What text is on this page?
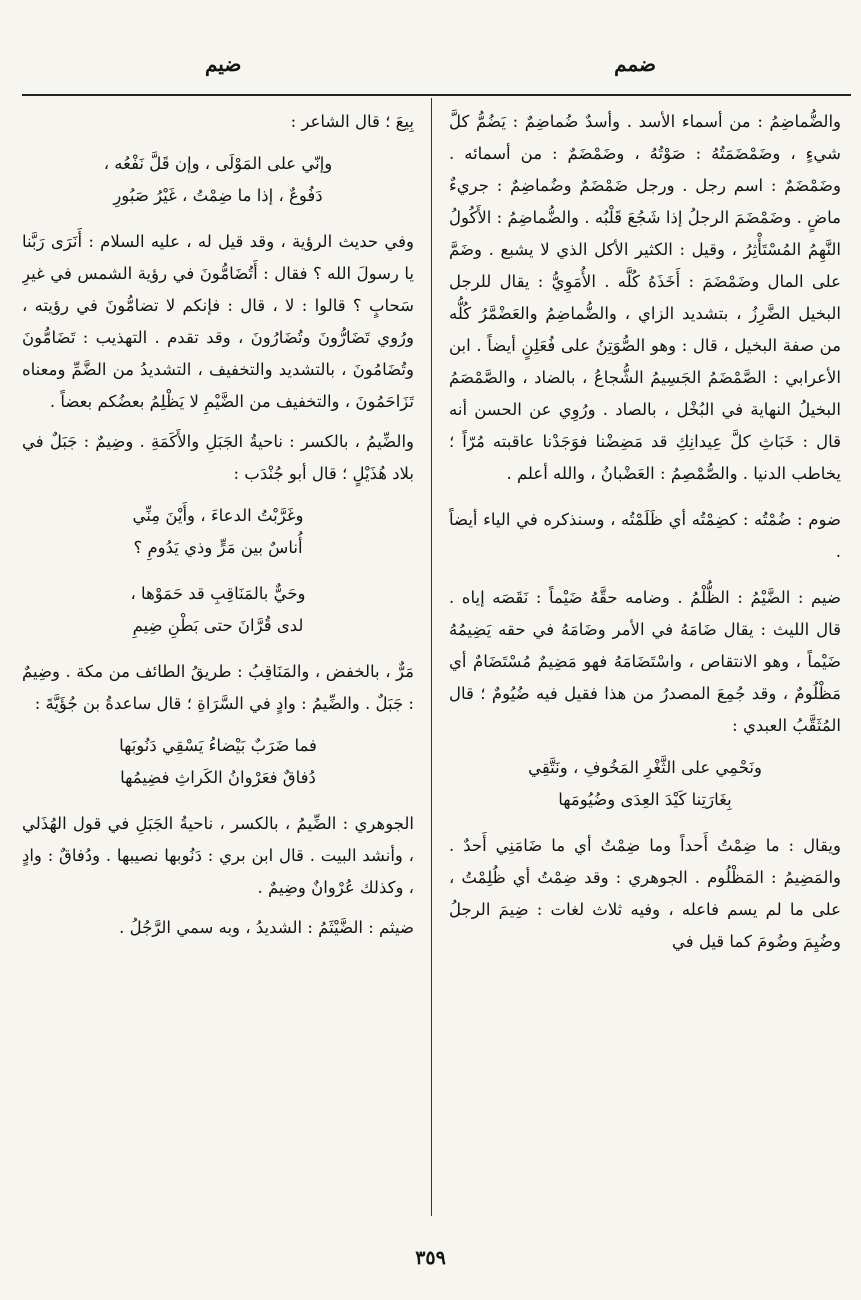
ضمم
ضيم

والضُّماضِمُ : من أسماء الأسد . وأسدٌ ضُماضِمٌ : يَضُمُّ كلَّ شيءٍ ، وضَمْضَمَتُهُ : صَوْتُهُ ، وضَمْضَمٌ : من أسمائه . وضَمْضَمٌ : اسم رجل . ورجل ضَمْضَمٌ وضُماضِمٌ : جريءٌ ماضٍ . وضَمْضَمَ الرجلُ إذا شَجُعَ قَلْبُه . والضُّماضِمُ : الأَكُولُ النَّهِمُ المُسْتَأْثِرُ ، وقيل : الكثير الأكل الذي لا يشبع . وضَمَّ على المال وضَمْضَمَ : أَخَذَهُ كُلَّه . الأُمَوِيُّ : يقال للرجل البخيل الضَّرِزُ ، بتشديد الزاي ، والضُّماضِمُ والعَضْمَّرُ كُلُّه من صفة البخيل ، قال : وهو الصُّوَتِنُ على فُعَلِنٍ أيضاً . ابن الأعرابي : الصَّمْضَمُ الجَسِيمُ الشُّجاعُ ، بالضاد ، والصَّمْصَمُ البخيلُ النهاية في البُخْل ، بالصاد . ورُوِي عن الحسن أنه قال : خَبَاثِ كلَّ عِيدانِكِ قد مَضِضْنا فوَجَدْنا عاقبته مُرّاً ؛ يخاطب الدنيا . والصُّمْصِمُ : العَضْبانُ ، والله أعلم .

ضوم : ضُمْتُه : كضِمْتُه أي ظَلَمْتُه ، وسنذكره في الياء أيضاً .

ضيم : الضَّيْمُ : الظُّلْمُ . وضامه حقَّهُ ضَيْماً : نَقَصَه إياه . قال الليث : يقال ضَامَهُ في الأمر وضَامَهُ في حقه يَضِيمُهُ ضَيْماً ، وهو الانتقاص ، واسْتَضَامَهُ فهو مَضِيمٌ مُسْتَضَامٌ أي مَظْلُومٌ ، وقد جُمِعَ المصدرُ من هذا فقيل فيه ضُيُومٌ ؛ قال المُثَقَّبُ العبدي :

ونَحْمِي على الثَّغْرِ المَخُوفِ ، ونَتَّقِي
بِغَارَتِنا كَيْدَ العِدَى وضُيُومَها

ويقال : ما ضِمْتُ أَحداً وما ضِمْتُ أي ما ضَامَنِي أَحدٌ . والمَضِيمُ : المَظْلُوم . الجوهري : وقد ضِمْتُ أي ظُلِمْتُ ، على ما لم يسم فاعله ، وفيه ثلاث لغات : ضِيمَ الرجلُ وضُيِمَ وضُومَ كما قيل في

بِيعَ ؛ قال الشاعر :

وإنّي على المَوْلَى ، وإن قَلَّ نَفْعُه ،
دَفُوعٌ ، إذا ما ضِمْتُ ، غَيْرُ صَبُورِ

وفي حديث الرؤية ، وقد قيل له ، عليه السلام : أَنَرَى رَبَّنا يا رسولَ الله ؟ فقال : أَتُضَامُّونَ في رؤية الشمس في غيرِ سَحابٍ ؟ قالوا : لا ، قال : فإنكم لا تضامُّونَ في رؤيته ، ورُوي تَضَارُّونَ وتُضَارُونَ ، وقد تقدم . التهذيب : تَضَامُّونَ وتُضَامُونَ ، بالتشديد والتخفيف ، التشديدُ من الضَّمِّ ومعناه تَزَاحَمُونَ ، والتخفيف من الضَّيْمِ لا يَظْلِمُ بعضُكم بعضاً .

والضِّيمُ ، بالكسر : ناحيةُ الجَبَلِ والأَكَمَةِ . وضِيمٌ : جَبَلٌ في بلاد هُذَيْلٍ ؛ قال أبو جُنْدَب :

وغَرَّبْتُ الدعاءَ ، وأَيْنَ مِنِّي
أُناسٌ بين مَرٍّ وذي يَدُومِ ؟
وحَيٌّ بالمَنَاقِبِ قد حَمَوْها ،
لدى قُرَّانَ حتى بَطْنِ ضِيمِ

مَرٌّ ، بالخفض ، والمَنَاقِبُ : طريقُ الطائف من مكة . وضِيمٌ : جَبَلٌ . والضِّيمُ : وادٍ في السَّرَاةِ ؛ قال ساعدةُ بن جُؤَيَّةَ :

فما ضَرَبٌ بَيْضاءُ يَسْقِي دَنُوبَها
دُفاقٌ فعَرْوانُ الكَراثِ فضِيمُها

الجوهري : الضِّيمُ ، بالكسر ، ناحيةُ الجَبَلِ في قول الهُذَلي ، وأنشد البيت . قال ابن بري : دَنُوبها نصيبها . ودُفاقٌ : وادٍ ، وكذلك عُرْوانٌ وضِيمٌ .

ضيثم : الضَّيْثَمُ : الشديدُ ، وبه سمي الرَّجُلُ .

٣٥٩
